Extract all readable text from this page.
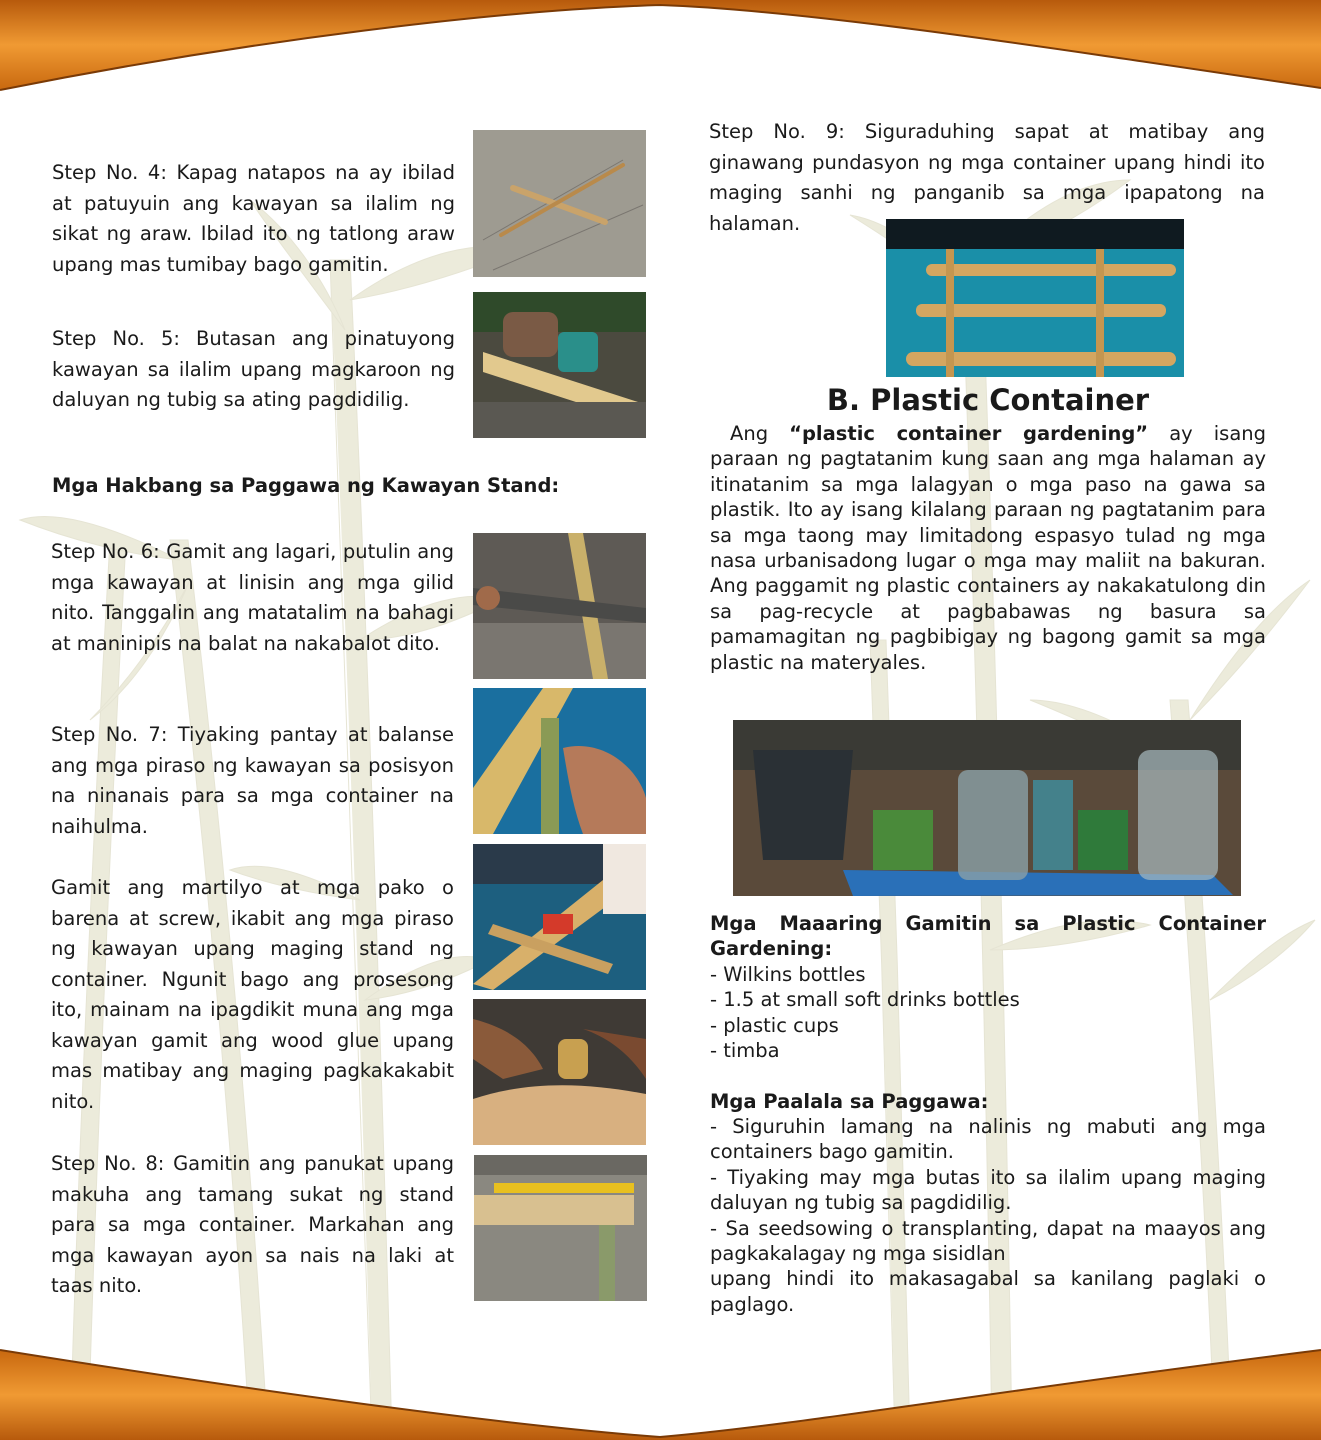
Step No. 4: Kapag natapos na ay ibilad at patuyuin ang kawayan sa ilalim ng sikat ng araw. Ibilad ito ng tatlong araw upang mas tumibay bago gamitin.

Step No. 5: Butasan ang pinatuyong kawayan sa ilalim upang magkaroon ng daluyan ng tubig sa ating pagdidilig.

Mga Hakbang sa Paggawa ng Kawayan Stand:

Step No. 6: Gamit ang lagari, putulin ang mga kawayan at linisin ang mga gilid nito. Tanggalin ang matatalim na bahagi at maninipis na balat na nakabalot dito.

Step No. 7: Tiyaking pantay at balanse ang mga piraso ng kawayan sa posisyon na ninanais para sa mga container na naihulma.

Gamit ang martilyo at mga pako o barena at screw, ikabit ang mga piraso ng kawayan upang maging stand ng container. Ngunit bago ang prosesong ito, mainam na ipagdikit muna ang mga kawayan gamit ang wood glue upang mas matibay ang maging pagkakakabit nito.

Step No. 8: Gamitin ang panukat upang makuha ang tamang sukat ng stand para sa mga container. Markahan ang mga kawayan ayon sa nais na laki at taas nito.

Step No. 9: Siguraduhing sapat at matibay ang ginawang pundasyon ng mga container upang hindi ito maging sanhi ng panganib sa mga ipapatong na halaman.

B. Plastic Container

Ang “plastic container gardening” ay isang paraan ng pagtatanim kung saan ang mga halaman ay itinatanim sa mga lalagyan o mga paso na gawa sa plastik. Ito ay isang kilalang paraan ng pagtatanim para sa mga taong may limitadong espasyo tulad ng mga nasa urbanisadong lugar o mga may maliit na bakuran. Ang paggamit ng plastic containers ay nakakatulong din sa pag-recycle at pagbabawas ng basura sa pamamagitan ng pagbibigay ng bagong gamit sa mga plastic na materyales.

Mga Maaaring Gamitin sa Plastic Container Gardening:

- Wilkins bottles
- 1.5 at small soft drinks bottles
- plastic cups
- timba

Mga Paalala sa Paggawa:

- Siguruhin lamang na nalinis ng mabuti ang mga containers bago gamitin.
- Tiyaking may mga butas ito sa ilalim upang maging daluyan ng tubig sa pagdidilig.
- Sa seedsowing o transplanting, dapat na maayos ang pagkakalagay ng mga sisidlan
upang hindi ito makasagabal sa kanilang paglaki o paglago.
